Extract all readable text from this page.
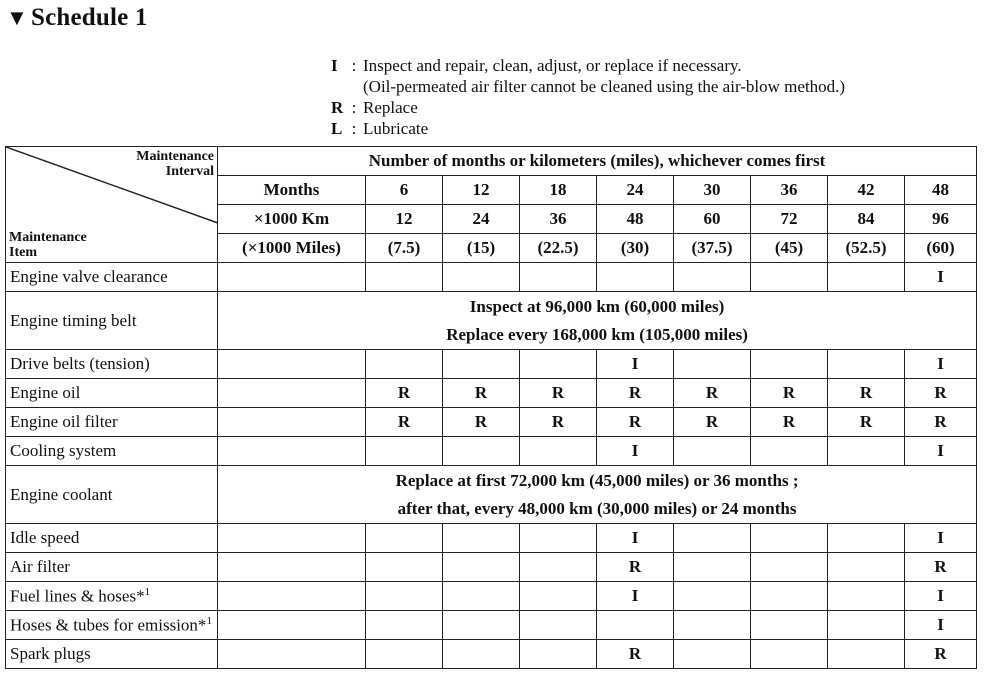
▼ Schedule 1
I : Inspect and repair, clean, adjust, or replace if necessary.
(Oil-permeated air filter cannot be cleaned using the air-blow method.)
R : Replace
L : Lubricate
Maintenance
Interval
Maintenance
Item	Number of months or kilometers (miles), whichever comes first								
	Months	6	12	18	24	30	36	42	48
	×1000 Km	12	24	36	48	60	72	84	96
	(×1000 Miles)	(7.5)	(15)	(22.5)	(30)	(37.5)	(45)	(52.5)	(60)
Engine valve clearance									I
Engine timing belt	Inspect at 96,000 km (60,000 miles)
Replace every 168,000 km (105,000 miles)								

Drive belts (tension)					I				I
Engine oil		R	R	R	R	R	R	R	R
Engine oil filter		R	R	R	R	R	R	R	R
Cooling system					I				I
Engine coolant	Replace at first 72,000 km (45,000 miles) or 36 months ;
after that, every 48,000 km (30,000 miles) or 24 months								

Idle speed					I				I
Air filter					R				R
Fuel lines & hoses*$^1$					I				I
Hoses & tubes for emission*$^1$									I
Spark plugs					R				R
